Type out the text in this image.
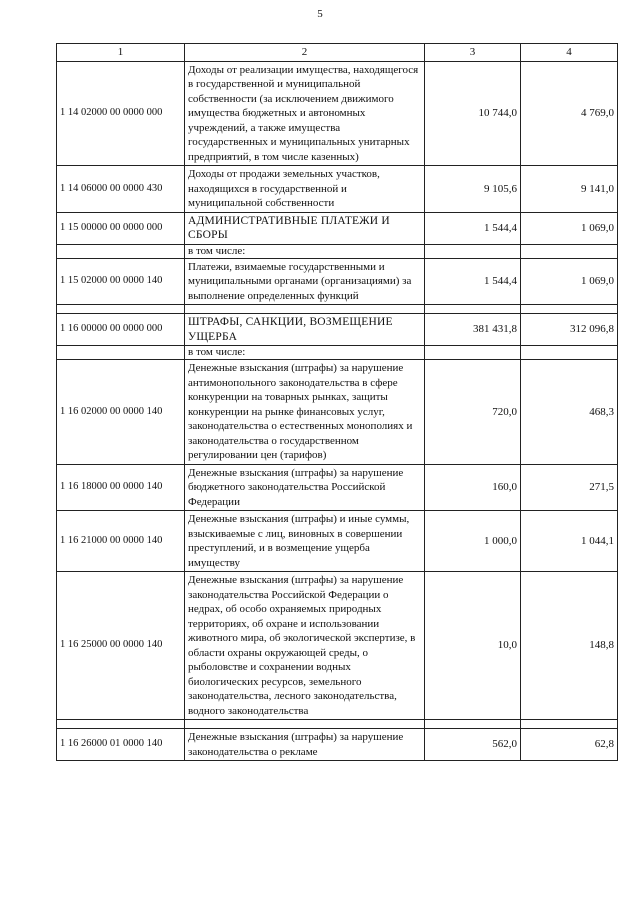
5
1	2	3	4
1 14 02000 00 0000 000	Доходы от реализации имущества, находящегося в государственной и муниципальной собственности (за исключением движимого имущества бюджетных и автономных учреждений, а также имущества государственных и муниципальных унитарных предприятий, в том числе казенных)	10 744,0	4 769,0
1 14 06000 00 0000 430	Доходы от продажи земельных участков, находящихся в государственной и муниципальной собственности	9 105,6	9 141,0
1 15 00000 00 0000 000	АДМИНИСТРАТИВНЫЕ ПЛАТЕЖИ И СБОРЫ	1 544,4	1 069,0
	в том числе:		
1 15 02000 00 0000 140	Платежи, взимаемые государственными и муниципальными органами (организациями) за выполнение определенных функций	1 544,4	1 069,0

1 16 00000 00 0000 000	ШТРАФЫ, САНКЦИИ, ВОЗМЕЩЕНИЕ УЩЕРБА	381 431,8	312 096,8
	в том числе:		
1 16 02000 00 0000 140	Денежные взыскания (штрафы) за нарушение антимонопольного законодательства в сфере конкуренции на товарных рынках, защиты конкуренции на рынке финансовых услуг, законодательства о естественных монополиях и законодательства о государственном регулировании цен (тарифов)	720,0	468,3
1 16 18000 00 0000 140	Денежные взыскания (штрафы) за нарушение бюджетного законодательства Российской Федерации	160,0	271,5
1 16 21000 00 0000 140	Денежные взыскания (штрафы) и иные суммы, взыскиваемые с лиц, виновных в совершении преступлений, и в возмещение ущерба имуществу	1 000,0	1 044,1
1 16 25000 00 0000 140	Денежные взыскания (штрафы) за нарушение законодательства Российской Федерации о недрах, об особо охраняемых природных территориях, об охране и использовании животного мира, об экологической экспертизе, в области охраны окружающей среды, о рыболовстве и сохранении водных биологических ресурсов, земельного законодательства, лесного законодательства, водного законодательства	10,0	148,8

1 16 26000 01 0000 140	Денежные взыскания (штрафы) за нарушение законодательства о рекламе	562,0	62,8
